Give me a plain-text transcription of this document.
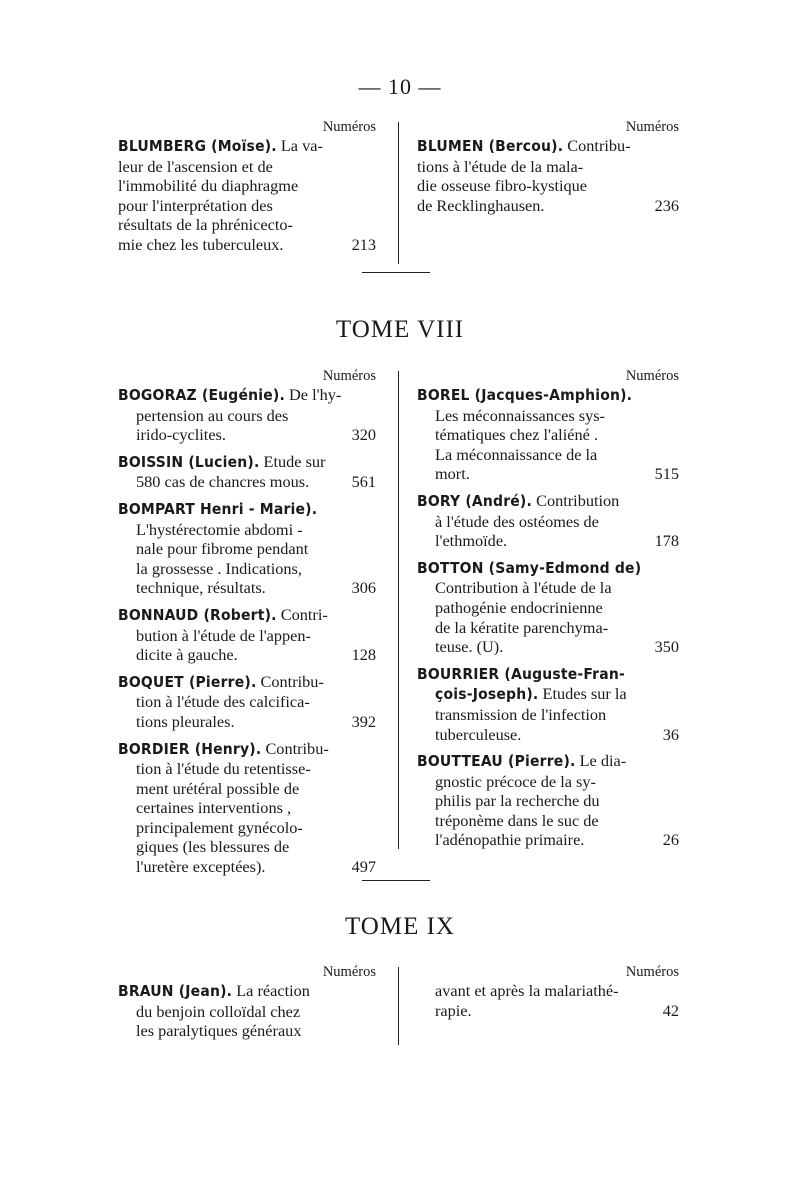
— 10 —
Numéros
BLUMBERG (Moïse). La va-
leur de l'ascension et de
l'immobilité du diaphragme
pour l'interprétation des
résultats de la phrénicecto-
mie chez les tuberculeux.	213
Numéros
BLUMEN (Bercou). Contribu-
tions à l'étude de la mala-
die osseuse fibro-kystique
de Recklinghausen.	236
TOME VIII
Numéros
BOGORAZ (Eugénie). De l'hy-
pertension au cours des
irido-cyclites.	320
BOISSIN (Lucien). Etude sur
580 cas de chancres mous.	561
BOMPART Henri - Marie).
L'hystérectomie abdomi -
nale pour fibrome pendant
la grossesse . Indications,
technique, résultats.	306
BONNAUD (Robert). Contri-
bution à l'étude de l'appen-
dicite à gauche.	128
BOQUET (Pierre). Contribu-
tion à l'étude des calcifica-
tions pleurales.	392
BORDIER (Henry). Contribu-
tion à l'étude du retentisse-
ment urétéral possible de
certaines interventions ,
principalement gynécolo-
giques (les blessures de
l'uretère exceptées).	497
Numéros
BOREL (Jacques-Amphion).
Les méconnaissances sys-
tématiques chez l'aliéné .
La méconnaissance de la
mort.	515
BORY (André). Contribution
à l'étude des ostéomes de
l'ethmoïde.	178
BOTTON (Samy-Edmond de)
Contribution à l'étude de la
pathogénie endocrinienne
de la kératite parenchyma-
teuse. (U).	350
BOURRIER (Auguste-Fran-
çois-Joseph). Etudes sur la
transmission de l'infection
tuberculeuse.	36
BOUTTEAU (Pierre). Le dia-
gnostic précoce de la sy-
philis par la recherche du
tréponème dans le suc de
l'adénopathie primaire.	26
TOME IX
Numéros
BRAUN (Jean). La réaction
du benjoin colloïdal chez
les paralytiques généraux
Numéros
avant et après la malariathé-
rapie.	42
